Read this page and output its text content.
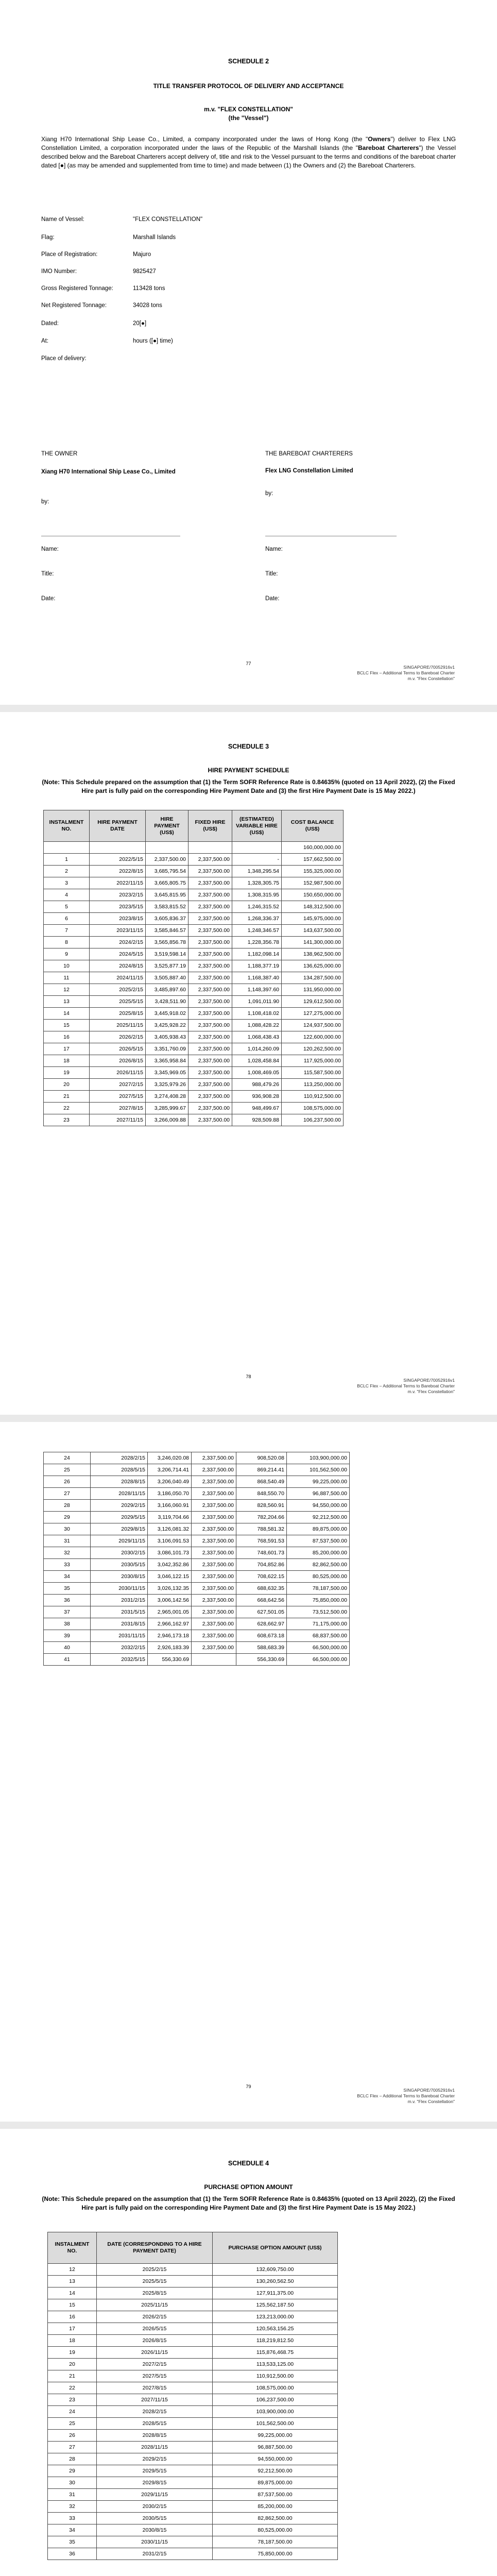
SCHEDULE 2
TITLE TRANSFER PROTOCOL OF DELIVERY AND ACCEPTANCE
m.v. "FLEX CONSTELLATION"
(the "Vessel")
Xiang H70 International Ship Lease Co., Limited, a company incorporated under the laws of Hong Kong (the "Owners") deliver to Flex LNG Constellation Limited, a corporation incorporated under the laws of the Republic of the Marshall Islands (the "Bareboat Charterers") the Vessel described below and the Bareboat Charterers accept delivery of, title and risk to the Vessel pursuant to the terms and conditions of the bareboat charter dated [●] (as may be amended and supplemented from time to time) and made between (1) the Owners and (2) the Bareboat Charterers.
Name of Vessel:	"FLEX CONSTELLATION"
Flag:	Marshall Islands
Place of Registration:	Majuro
IMO Number:	9825427
Gross Registered Tonnage:	113428 tons
Net Registered Tonnage:	34028 tons
Dated:	20[●]
At:	hours ([●] time)
Place of delivery:
THE OWNER
Xiang H70 International Ship Lease Co., Limited
by:
Name:
Title:
Date:
THE BAREBOAT CHARTERERS
Flex LNG Constellation Limited
by:
Name:
Title:
Date:
77
SINGAPORE/70052916v1
BCLC Flex – Additional Terms to Bareboat Charter
m.v. "Flex Constellation"
SCHEDULE 3
HIRE PAYMENT SCHEDULE
(Note: This Schedule prepared on the assumption that (1) the Term SOFR Reference Rate is 0.84635% (quoted on 13 April 2022), (2) the Fixed Hire part is fully paid on the corresponding Hire Payment Date and (3) the first Hire Payment Date is 15 May 2022.)
INSTALMENT NO.	HIRE PAYMENT DATE	HIRE PAYMENT (US$)	FIXED HIRE (US$)	(ESTIMATED) VARIABLE HIRE (US$)	COST BALANCE (US$)
					160,000,000.00
1	2022/5/15	2,337,500.00	2,337,500.00	-	157,662,500.00
2	2022/8/15	3,685,795.54	2,337,500.00	1,348,295.54	155,325,000.00
3	2022/11/15	3,665,805.75	2,337,500.00	1,328,305.75	152,987,500.00
4	2023/2/15	3,645,815.95	2,337,500.00	1,308,315.95	150,650,000.00
5	2023/5/15	3,583,815.52	2,337,500.00	1,246,315.52	148,312,500.00
6	2023/8/15	3,605,836.37	2,337,500.00	1,268,336.37	145,975,000.00
7	2023/11/15	3,585,846.57	2,337,500.00	1,248,346.57	143,637,500.00
8	2024/2/15	3,565,856.78	2,337,500.00	1,228,356.78	141,300,000.00
9	2024/5/15	3,519,598.14	2,337,500.00	1,182,098.14	138,962,500.00
10	2024/8/15	3,525,877.19	2,337,500.00	1,188,377.19	136,625,000.00
11	2024/11/15	3,505,887.40	2,337,500.00	1,168,387.40	134,287,500.00
12	2025/2/15	3,485,897.60	2,337,500.00	1,148,397.60	131,950,000.00
13	2025/5/15	3,428,511.90	2,337,500.00	1,091,011.90	129,612,500.00
14	2025/8/15	3,445,918.02	2,337,500.00	1,108,418.02	127,275,000.00
15	2025/11/15	3,425,928.22	2,337,500.00	1,088,428.22	124,937,500.00
16	2026/2/15	3,405,938.43	2,337,500.00	1,068,438.43	122,600,000.00
17	2026/5/15	3,351,760.09	2,337,500.00	1,014,260.09	120,262,500.00
18	2026/8/15	3,365,958.84	2,337,500.00	1,028,458.84	117,925,000.00
19	2026/11/15	3,345,969.05	2,337,500.00	1,008,469.05	115,587,500.00
20	2027/2/15	3,325,979.26	2,337,500.00	988,479.26	113,250,000.00
21	2027/5/15	3,274,408.28	2,337,500.00	936,908.28	110,912,500.00
22	2027/8/15	3,285,999.67	2,337,500.00	948,499.67	108,575,000.00
23	2027/11/15	3,266,009.88	2,337,500.00	928,509.88	106,237,500.00
78
SINGAPORE/70052916v1
BCLC Flex – Additional Terms to Bareboat Charter
m.v. "Flex Constellation"
24	2028/2/15	3,246,020.08	2,337,500.00	908,520.08	103,900,000.00
25	2028/5/15	3,206,714.41	2,337,500.00	869,214.41	101,562,500.00
26	2028/8/15	3,206,040.49	2,337,500.00	868,540.49	99,225,000.00
27	2028/11/15	3,186,050.70	2,337,500.00	848,550.70	96,887,500.00
28	2029/2/15	3,166,060.91	2,337,500.00	828,560.91	94,550,000.00
29	2029/5/15	3,119,704.66	2,337,500.00	782,204.66	92,212,500.00
30	2029/8/15	3,126,081.32	2,337,500.00	788,581.32	89,875,000.00
31	2029/11/15	3,106,091.53	2,337,500.00	768,591.53	87,537,500.00
32	2030/2/15	3,086,101.73	2,337,500.00	748,601.73	85,200,000.00
33	2030/5/15	3,042,352.86	2,337,500.00	704,852.86	82,862,500.00
34	2030/8/15	3,046,122.15	2,337,500.00	708,622.15	80,525,000.00
35	2030/11/15	3,026,132.35	2,337,500.00	688,632.35	78,187,500.00
36	2031/2/15	3,006,142.56	2,337,500.00	668,642.56	75,850,000.00
37	2031/5/15	2,965,001.05	2,337,500.00	627,501.05	73,512,500.00
38	2031/8/15	2,966,162.97	2,337,500.00	628,662.97	71,175,000.00
39	2031/11/15	2,946,173.18	2,337,500.00	608,673.18	68,837,500.00
40	2032/2/15	2,926,183.39	2,337,500.00	588,683.39	66,500,000.00
41	2032/5/15	556,330.69		556,330.69	66,500,000.00
79
SINGAPORE/70052916v1
BCLC Flex – Additional Terms to Bareboat Charter
m.v. "Flex Constellation"
SCHEDULE 4
PURCHASE OPTION AMOUNT
(Note: This Schedule prepared on the assumption that (1) the Term SOFR Reference Rate is 0.84635% (quoted on 13 April 2022), (2) the Fixed Hire part is fully paid on the corresponding Hire Payment Date and (3) the first Hire Payment Date is 15 May 2022.)
INSTALMENT NO.	DATE (CORRESPONDING TO A HIRE PAYMENT DATE)	PURCHASE OPTION AMOUNT (US$)
12	2025/2/15	132,609,750.00
13	2025/5/15	130,260,562.50
14	2025/8/15	127,911,375.00
15	2025/11/15	125,562,187.50
16	2026/2/15	123,213,000.00
17	2026/5/15	120,563,156.25
18	2026/8/15	118,219,812.50
19	2026/11/15	115,876,468.75
20	2027/2/15	113,533,125.00
21	2027/5/15	110,912,500.00
22	2027/8/15	108,575,000.00
23	2027/11/15	106,237,500.00
24	2028/2/15	103,900,000.00
25	2028/5/15	101,562,500.00
26	2028/8/15	99,225,000.00
27	2028/11/15	96,887,500.00
28	2029/2/15	94,550,000.00
29	2029/5/15	92,212,500.00
30	2029/8/15	89,875,000.00
31	2029/11/15	87,537,500.00
32	2030/2/15	85,200,000.00
33	2030/5/15	82,862,500.00
34	2030/8/15	80,525,000.00
35	2030/11/15	78,187,500.00
36	2031/2/15	75,850,000.00
